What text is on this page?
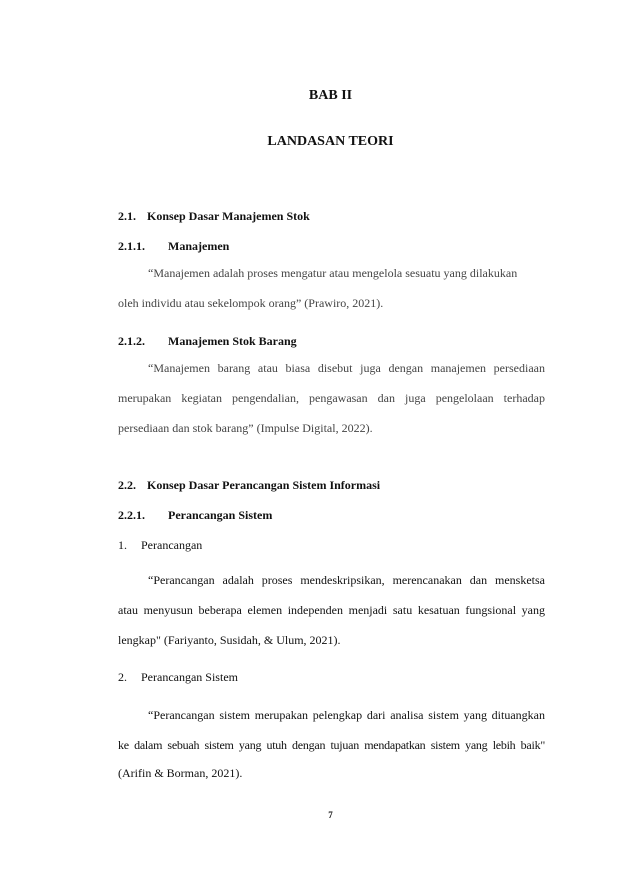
BAB II
LANDASAN TEORI
2.1. Konsep Dasar Manajemen Stok
2.1.1. Manajemen
“Manajemen adalah proses mengatur atau mengelola sesuatu yang dilakukan
oleh individu atau sekelompok orang” (Prawiro, 2021).
2.1.2. Manajemen Stok Barang
“Manajemen barang atau biasa disebut juga dengan manajemen persediaan
merupakan kegiatan pengendalian, pengawasan dan juga pengelolaan terhadap
persediaan dan stok barang” (Impulse Digital, 2022).
2.2. Konsep Dasar Perancangan Sistem Informasi
2.2.1. Perancangan Sistem
1. Perancangan
“Perancangan adalah proses mendeskripsikan, merencanakan dan mensketsa
atau menyusun beberapa elemen independen menjadi satu kesatuan fungsional yang
lengkap" (Fariyanto, Susidah, & Ulum, 2021).
2. Perancangan Sistem
“Perancangan sistem merupakan pelengkap dari analisa sistem yang dituangkan
ke dalam sebuah sistem yang utuh dengan tujuan mendapatkan sistem yang lebih baik"
(Arifin & Borman, 2021).
7
